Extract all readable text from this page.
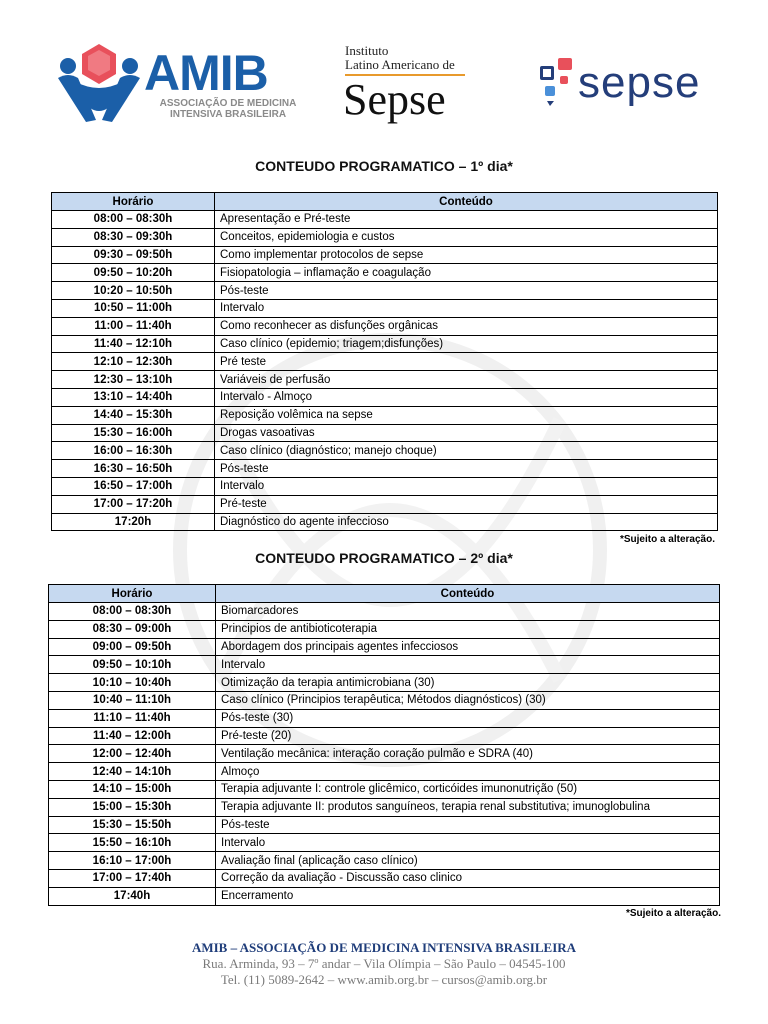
AMIB
ASSOCIAÇÃO DE MEDICINA
INTENSIVA BRASILEIRA
Instituto
Latino Americano de
Sepse	sepse
CONTEUDO PROGRAMATICO – 1º dia*
Horário	Conteúdo
08:00 – 08:30h	Apresentação e Pré-teste
08:30 – 09:30h	Conceitos, epidemiologia e custos
09:30 – 09:50h	Como implementar protocolos de sepse
09:50 – 10:20h	Fisiopatologia – inflamação e coagulação
10:20 – 10:50h	Pós-teste
10:50 – 11:00h	Intervalo
11:00 – 11:40h	Como reconhecer as disfunções orgânicas
11:40 – 12:10h	Caso clínico (epidemio; triagem;disfunções)
12:10 – 12:30h	Pré teste
12:30 – 13:10h	Variáveis de perfusão
13:10 – 14:40h	Intervalo - Almoço
14:40 – 15:30h	Reposição volêmica na sepse
15:30 – 16:00h	Drogas vasoativas
16:00 – 16:30h	Caso clínico (diagnóstico; manejo choque)
16:30 – 16:50h	Pós-teste
16:50 – 17:00h	Intervalo
17:00 – 17:20h	Pré-teste
17:20h	Diagnóstico do agente infeccioso
*Sujeito a alteração.
CONTEUDO PROGRAMATICO – 2º dia*
Horário	Conteúdo
08:00 – 08:30h	Biomarcadores
08:30 – 09:00h	Principios de antibioticoterapia
09:00 – 09:50h	Abordagem dos principais agentes infecciosos
09:50 – 10:10h	Intervalo
10:10 – 10:40h	Otimização da terapia antimicrobiana (30)
10:40 – 11:10h	Caso clínico (Principios terapêutica; Métodos diagnósticos) (30)
11:10 – 11:40h	Pós-teste (30)
11:40 – 12:00h	Pré-teste (20)
12:00 – 12:40h	Ventilação mecânica: interação coração pulmão e SDRA (40)
12:40 – 14:10h	Almoço
14:10 – 15:00h	Terapia adjuvante I: controle glicêmico, corticóides imunonutrição (50)
15:00 – 15:30h	Terapia adjuvante II: produtos sanguíneos, terapia renal substitutiva; imunoglobulina
15:30 – 15:50h	Pós-teste
15:50 – 16:10h	Intervalo
16:10 – 17:00h	Avaliação final (aplicação caso clínico)
17:00 – 17:40h	Correção da avaliação - Discussão caso clinico
17:40h	Encerramento
*Sujeito a alteração.
AMIB – ASSOCIAÇÃO DE MEDICINA INTENSIVA BRASILEIRA
Rua. Arminda, 93 – 7º andar – Vila Olímpia – São Paulo – 04545-100
Tel. (11) 5089-2642 – www.amib.org.br – cursos@amib.org.br
